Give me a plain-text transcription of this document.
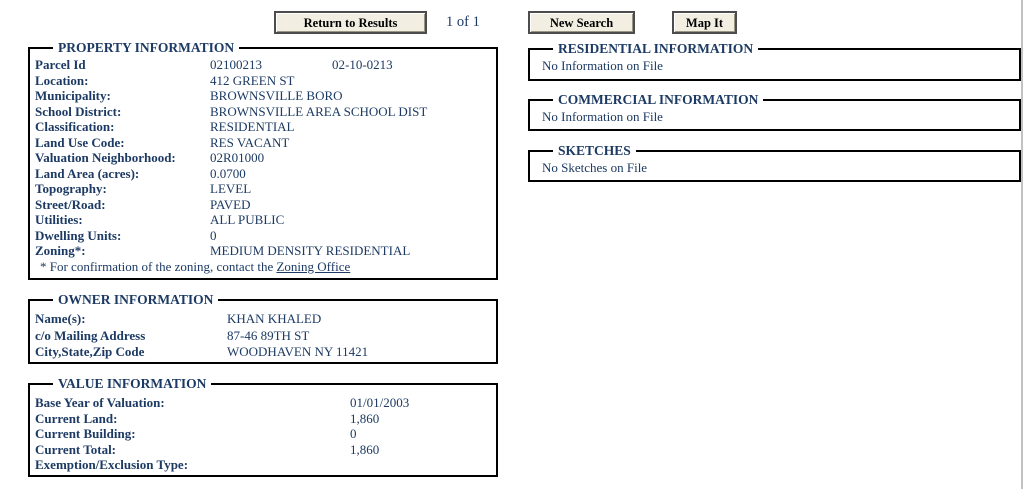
Return to Results	1 of 1	New Search	Map It
PROPERTY INFORMATION
Parcel Id	02100213	02-10-0213
Location:	412 GREEN ST
Municipality:	BROWNSVILLE BORO
School District:	BROWNSVILLE AREA SCHOOL DIST
Classification:	RESIDENTIAL
Land Use Code:	RES VACANT
Valuation Neighborhood:	02R01000
Land Area (acres):	0.0700
Topography:	LEVEL
Street/Road:	PAVED
Utilities:	ALL PUBLIC
Dwelling Units:	0
Zoning*:	MEDIUM DENSITY RESIDENTIAL
* For confirmation of the zoning, contact the Zoning Office
OWNER INFORMATION
Name(s):	KHAN KHALED
c/o Mailing Address	87-46 89TH ST
City,State,Zip Code	WOODHAVEN NY 11421
VALUE INFORMATION
Base Year of Valuation:	01/01/2003
Current Land:	1,860
Current Building:	0
Current Total:	1,860
Exemption/Exclusion Type:
RESIDENTIAL INFORMATION
No Information on File
COMMERCIAL INFORMATION
No Information on File
SKETCHES
No Sketches on File
